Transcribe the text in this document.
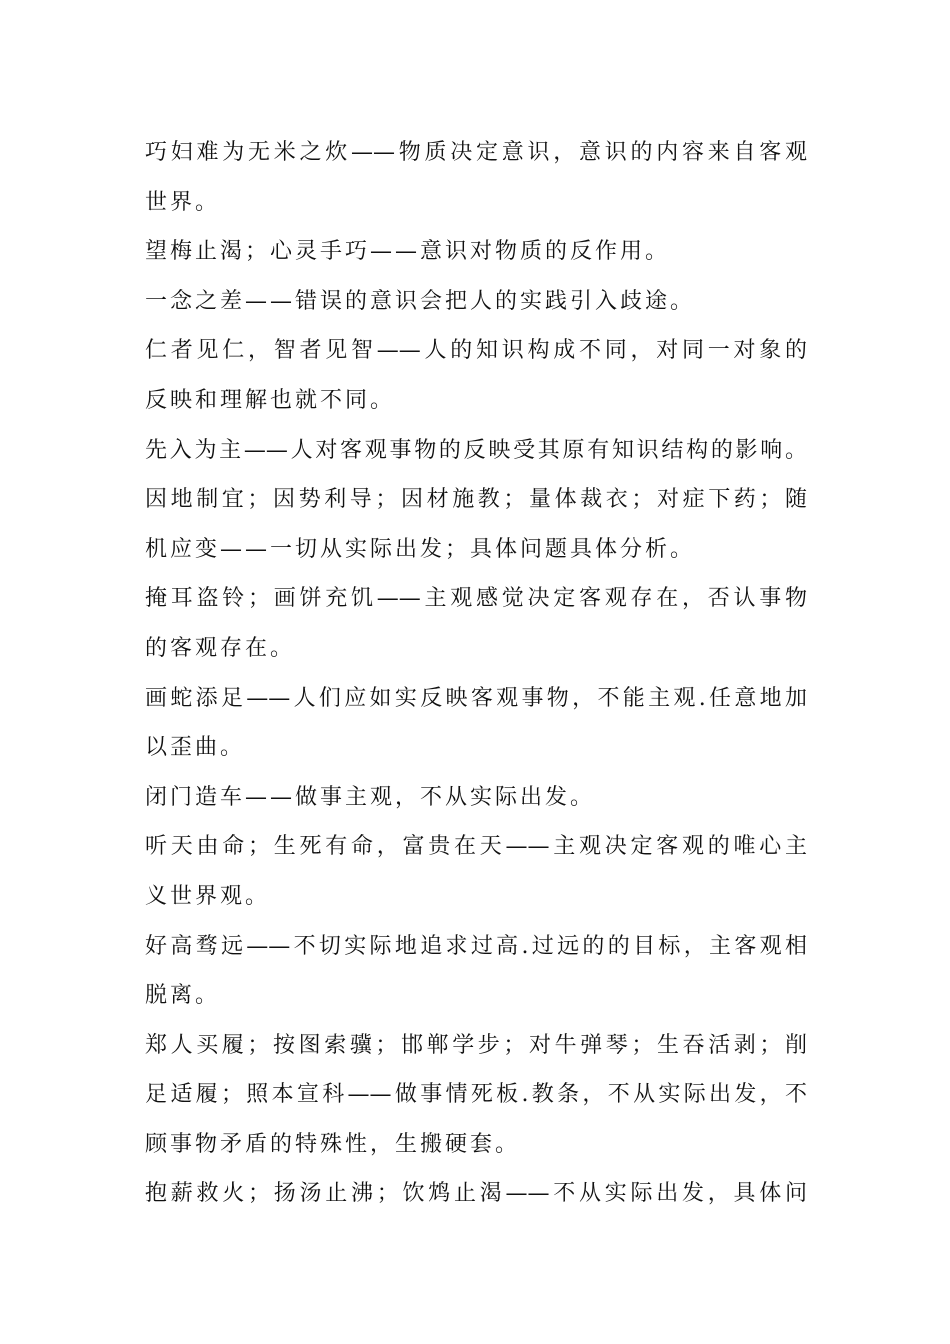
巧妇难为无米之炊——物质决定意识，意识的内容来自客观
世界。
望梅止渴；心灵手巧——意识对物质的反作用。
一念之差——错误的意识会把人的实践引入歧途。
仁者见仁，智者见智——人的知识构成不同，对同一对象的
反映和理解也就不同。
先入为主——人对客观事物的反映受其原有知识结构的影响。
因地制宜；因势利导；因材施教；量体裁衣；对症下药；随
机应变——一切从实际出发；具体问题具体分析。
掩耳盗铃；画饼充饥——主观感觉决定客观存在，否认事物
的客观存在。
画蛇添足——人们应如实反映客观事物，不能主观.任意地加
以歪曲。
闭门造车——做事主观，不从实际出发。
听天由命；生死有命，富贵在天——主观决定客观的唯心主
义世界观。
好高骛远——不切实际地追求过高.过远的的目标，主客观相
脱离。
郑人买履；按图索骥；邯郸学步；对牛弹琴；生吞活剥；削
足适履；照本宣科——做事情死板.教条，不从实际出发，不
顾事物矛盾的特殊性，生搬硬套。
抱薪救火；扬汤止沸；饮鸩止渴——不从实际出发，具体问
